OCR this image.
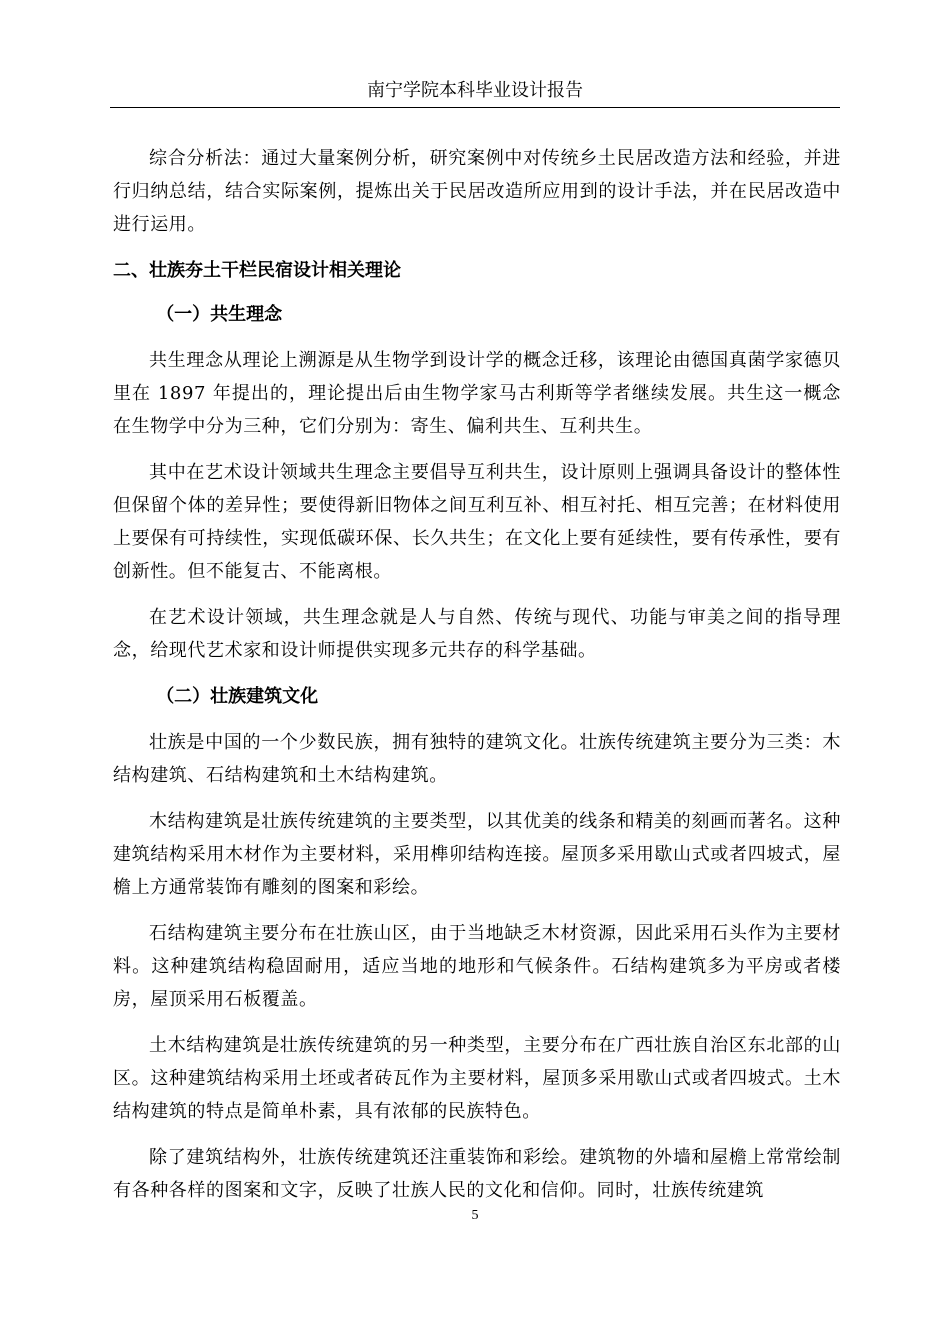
南宁学院本科毕业设计报告

综合分析法：通过大量案例分析，研究案例中对传统乡土民居改造方法和经验，并进行归纳总结，结合实际案例，提炼出关于民居改造所应用到的设计手法，并在民居改造中进行运用。

二、壮族夯土干栏民宿设计相关理论
（一）共生理念

共生理念从理论上溯源是从生物学到设计学的概念迁移，该理论由德国真菌学家德贝里在 1897 年提出的，理论提出后由生物学家马古利斯等学者继续发展。共生这一概念在生物学中分为三种，它们分别为：寄生、偏利共生、互利共生。

其中在艺术设计领域共生理念主要倡导互利共生，设计原则上强调具备设计的整体性但保留个体的差异性；要使得新旧物体之间互利互补、相互衬托、相互完善；在材料使用上要保有可持续性，实现低碳环保、长久共生；在文化上要有延续性，要有传承性，要有创新性。但不能复古、不能离根。

在艺术设计领域，共生理念就是人与自然、传统与现代、功能与审美之间的指导理念，给现代艺术家和设计师提供实现多元共存的科学基础。

（二）壮族建筑文化

壮族是中国的一个少数民族，拥有独特的建筑文化。壮族传统建筑主要分为三类：木结构建筑、石结构建筑和土木结构建筑。

木结构建筑是壮族传统建筑的主要类型，以其优美的线条和精美的刻画而著名。这种建筑结构采用木材作为主要材料，采用榫卯结构连接。屋顶多采用歇山式或者四坡式，屋檐上方通常装饰有雕刻的图案和彩绘。

石结构建筑主要分布在壮族山区，由于当地缺乏木材资源，因此采用石头作为主要材料。这种建筑结构稳固耐用，适应当地的地形和气候条件。石结构建筑多为平房或者楼房，屋顶采用石板覆盖。

土木结构建筑是壮族传统建筑的另一种类型，主要分布在广西壮族自治区东北部的山区。这种建筑结构采用土坯或者砖瓦作为主要材料，屋顶多采用歇山式或者四坡式。土木结构建筑的特点是简单朴素，具有浓郁的民族特色。

除了建筑结构外，壮族传统建筑还注重装饰和彩绘。建筑物的外墙和屋檐上常常绘制有各种各样的图案和文字，反映了壮族人民的文化和信仰。同时，壮族传统建筑

5
